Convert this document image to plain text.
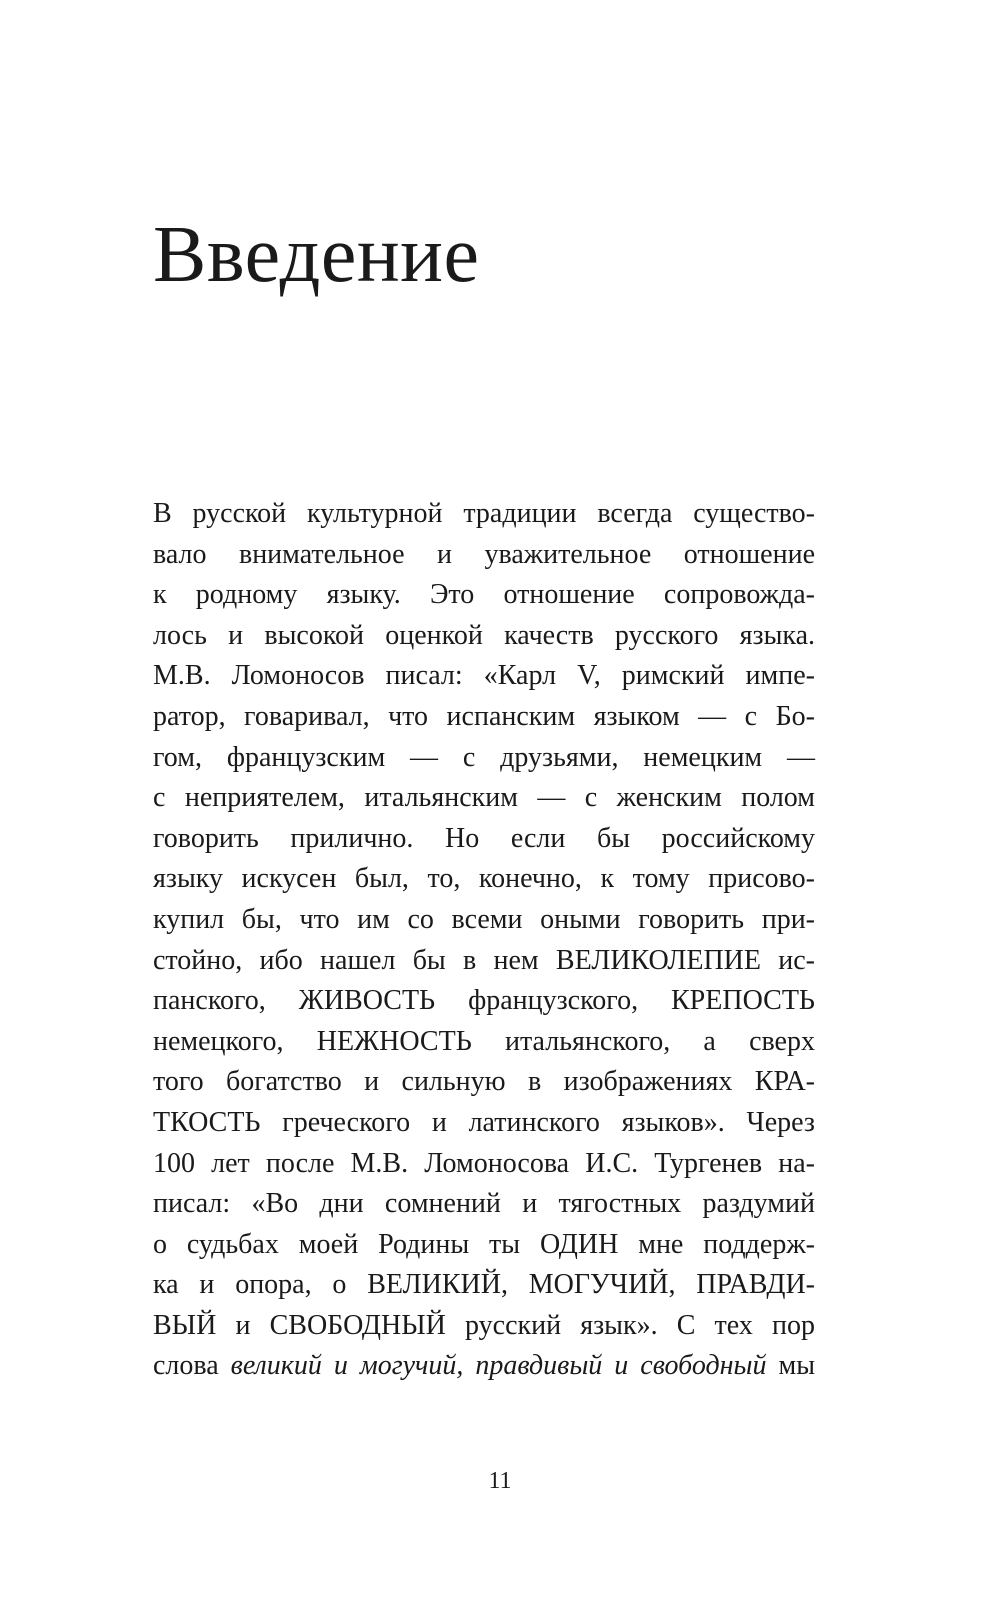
Введение
В русской культурной традиции всегда существо-
вало внимательное и уважительное отношение
к родному языку. Это отношение сопровожда-
лось и высокой оценкой качеств русского языка.
М.В. Ломоносов писал: «Карл V, римский импе-
ратор, говаривал, что испанским языком — с Бо-
гом, французским — с друзьями, немецким —
с неприятелем, итальянским — с женским полом
говорить прилично. Но если бы российскому
языку искусен был, то, конечно, к тому присово-
купил бы, что им со всеми оными говорить при-
стойно, ибо нашел бы в нем ВЕЛИКОЛЕПИЕ ис-
панского, ЖИВОСТЬ французского, КРЕПОСТЬ
немецкого, НЕЖНОСТЬ итальянского, а сверх
того богатство и сильную в изображениях КРА-
ТКОСТЬ греческого и латинского языков». Через
100 лет после М.В. Ломоносова И.С. Тургенев на-
писал: «Во дни сомнений и тягостных раздумий
о судьбах моей Родины ты ОДИН мне поддерж-
ка и опора, о ВЕЛИКИЙ, МОГУЧИЙ, ПРАВДИ-
ВЫЙ и СВОБОДНЫЙ русский язык». С тех пор
слова великий и могучий, правдивый и свободный мы
11
